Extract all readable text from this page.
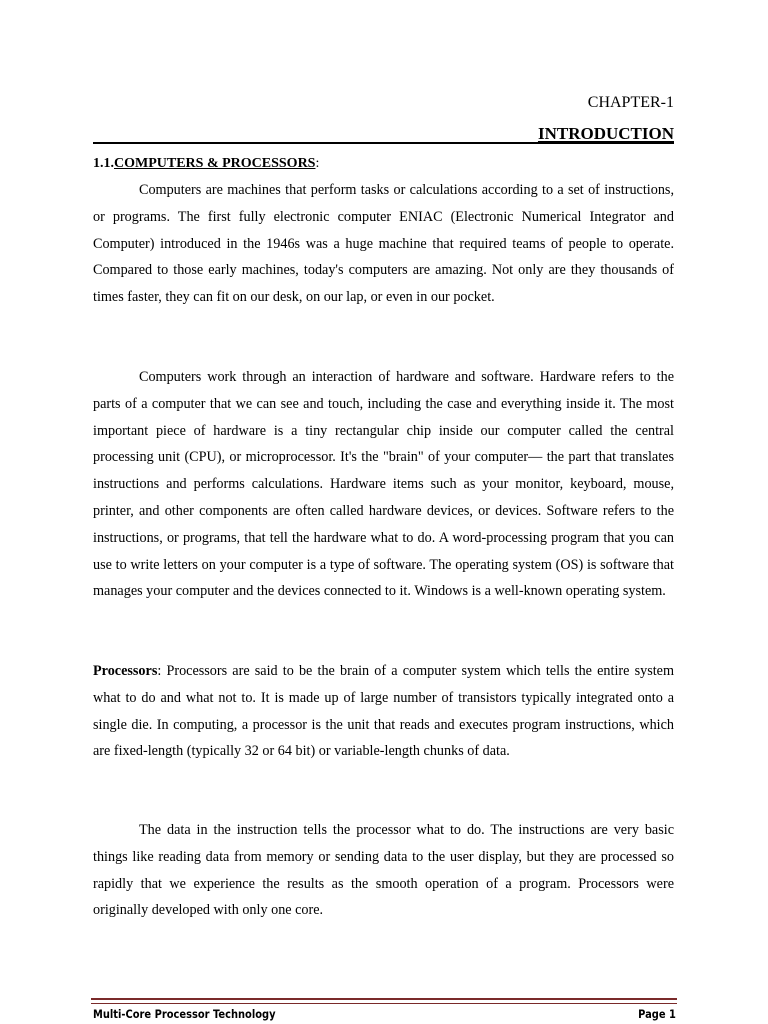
CHAPTER-1
INTRODUCTION
1.1.COMPUTERS & PROCESSORS:

Computers are machines that perform tasks or calculations according to a set of instructions, or programs. The first fully electronic computer ENIAC (Electronic Numerical Integrator and Computer) introduced in the 1946s was a huge machine that required teams of people to operate. Compared to those early machines, today's computers are amazing. Not only are they thousands of times faster, they can fit on our desk, on our lap, or even in our pocket.

Computers work through an interaction of hardware and software. Hardware refers to the parts of a computer that we can see and touch, including the case and everything inside it. The most important piece of hardware is a tiny rectangular chip inside our computer called the central processing unit (CPU), or microprocessor. It's the "brain" of your computer— the part that translates instructions and performs calculations. Hardware items such as your monitor, keyboard, mouse, printer, and other components are often called hardware devices, or devices. Software refers to the instructions, or programs, that tell the hardware what to do. A word-processing program that you can use to write letters on your computer is a type of software. The operating system (OS) is software that manages your computer and the devices connected to it. Windows is a well-known operating system.

Processors: Processors are said to be the brain of a computer system which tells the entire system what to do and what not to. It is made up of large number of transistors typically integrated onto a single die. In computing, a processor is the unit that reads and executes program instructions, which are fixed-length (typically 32 or 64 bit) or variable-length chunks of data.

The data in the instruction tells the processor what to do. The instructions are very basic things like reading data from memory or sending data to the user display, but they are processed so rapidly that we experience the results as the smooth operation of a program. Processors were originally developed with only one core.

Multi-Core Processor Technology	Page 1
